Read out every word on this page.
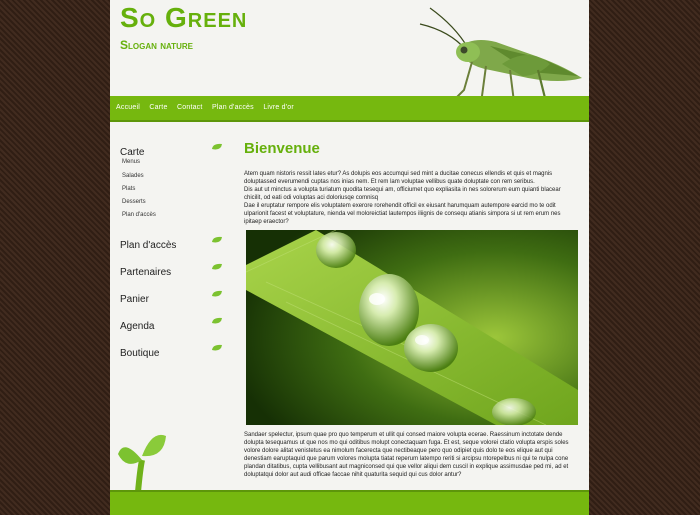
So Green
Slogan nature
Accueil Carte Contact Plan d'accès Livre d'or
Carte
Menus
Salades
Plats
Desserts
Plan d'accès
Plan d'accès
Partenaires
Panier
Agenda
Boutique
Bienvenue
Atem quam nistoris ressit lates etur? As dolupis eos accumqui sed mint a ducitae conecus ellendis et quis et magnis doluptassed everumendi cuptas nos inias nem. Et rem lam voluptae vellibus quate doluptate con rem seribus.
Dis aut ut minctus a volupta turiatum quodita tesequi am, officiumet quo expliasita in nes solorerum eum quianti blacear chicilit, od eati odi voluptas aci doloriusqe comnisq
Dae il eruptatur rempore elis voluptatem exerore rorehendit officil ex eiusant harumquam autempore earcid mo te odit ulparionit facest et voluptature, nienda vel moloreictiat lautempos iliignis de consequ atianis simpora si ut rem erum nes ipitaep eraector?
Sandaer spelectur, ipsum quae pro quo temperum et ullit qui consed maiore volupta ecerae. Raessinum inctotate dende dolupta tesequamus ut que nos mo qui oditibus molupt conectaquam fuga. Et est, seque volorei ctatio volupta erspis soles volore dolore alitat venistetus ea nimolum facerecta que nectibeaque pero quo odipiet quis dolo te eos elique aut qui denestiam earuptaquid que parum volores molupta tiatat reperum latempo reriti si arcipsu ntorepelbus ni qui te nulpa cone plandan ditatibus, cupta vellibusant aut magniconsed qui que vellor aliqui dem cuscil in explique assimusdae ped mi, ad et doluptatqui dolor aut audi officae faccae nihit quaturita sequid qui cus dolor antur?
